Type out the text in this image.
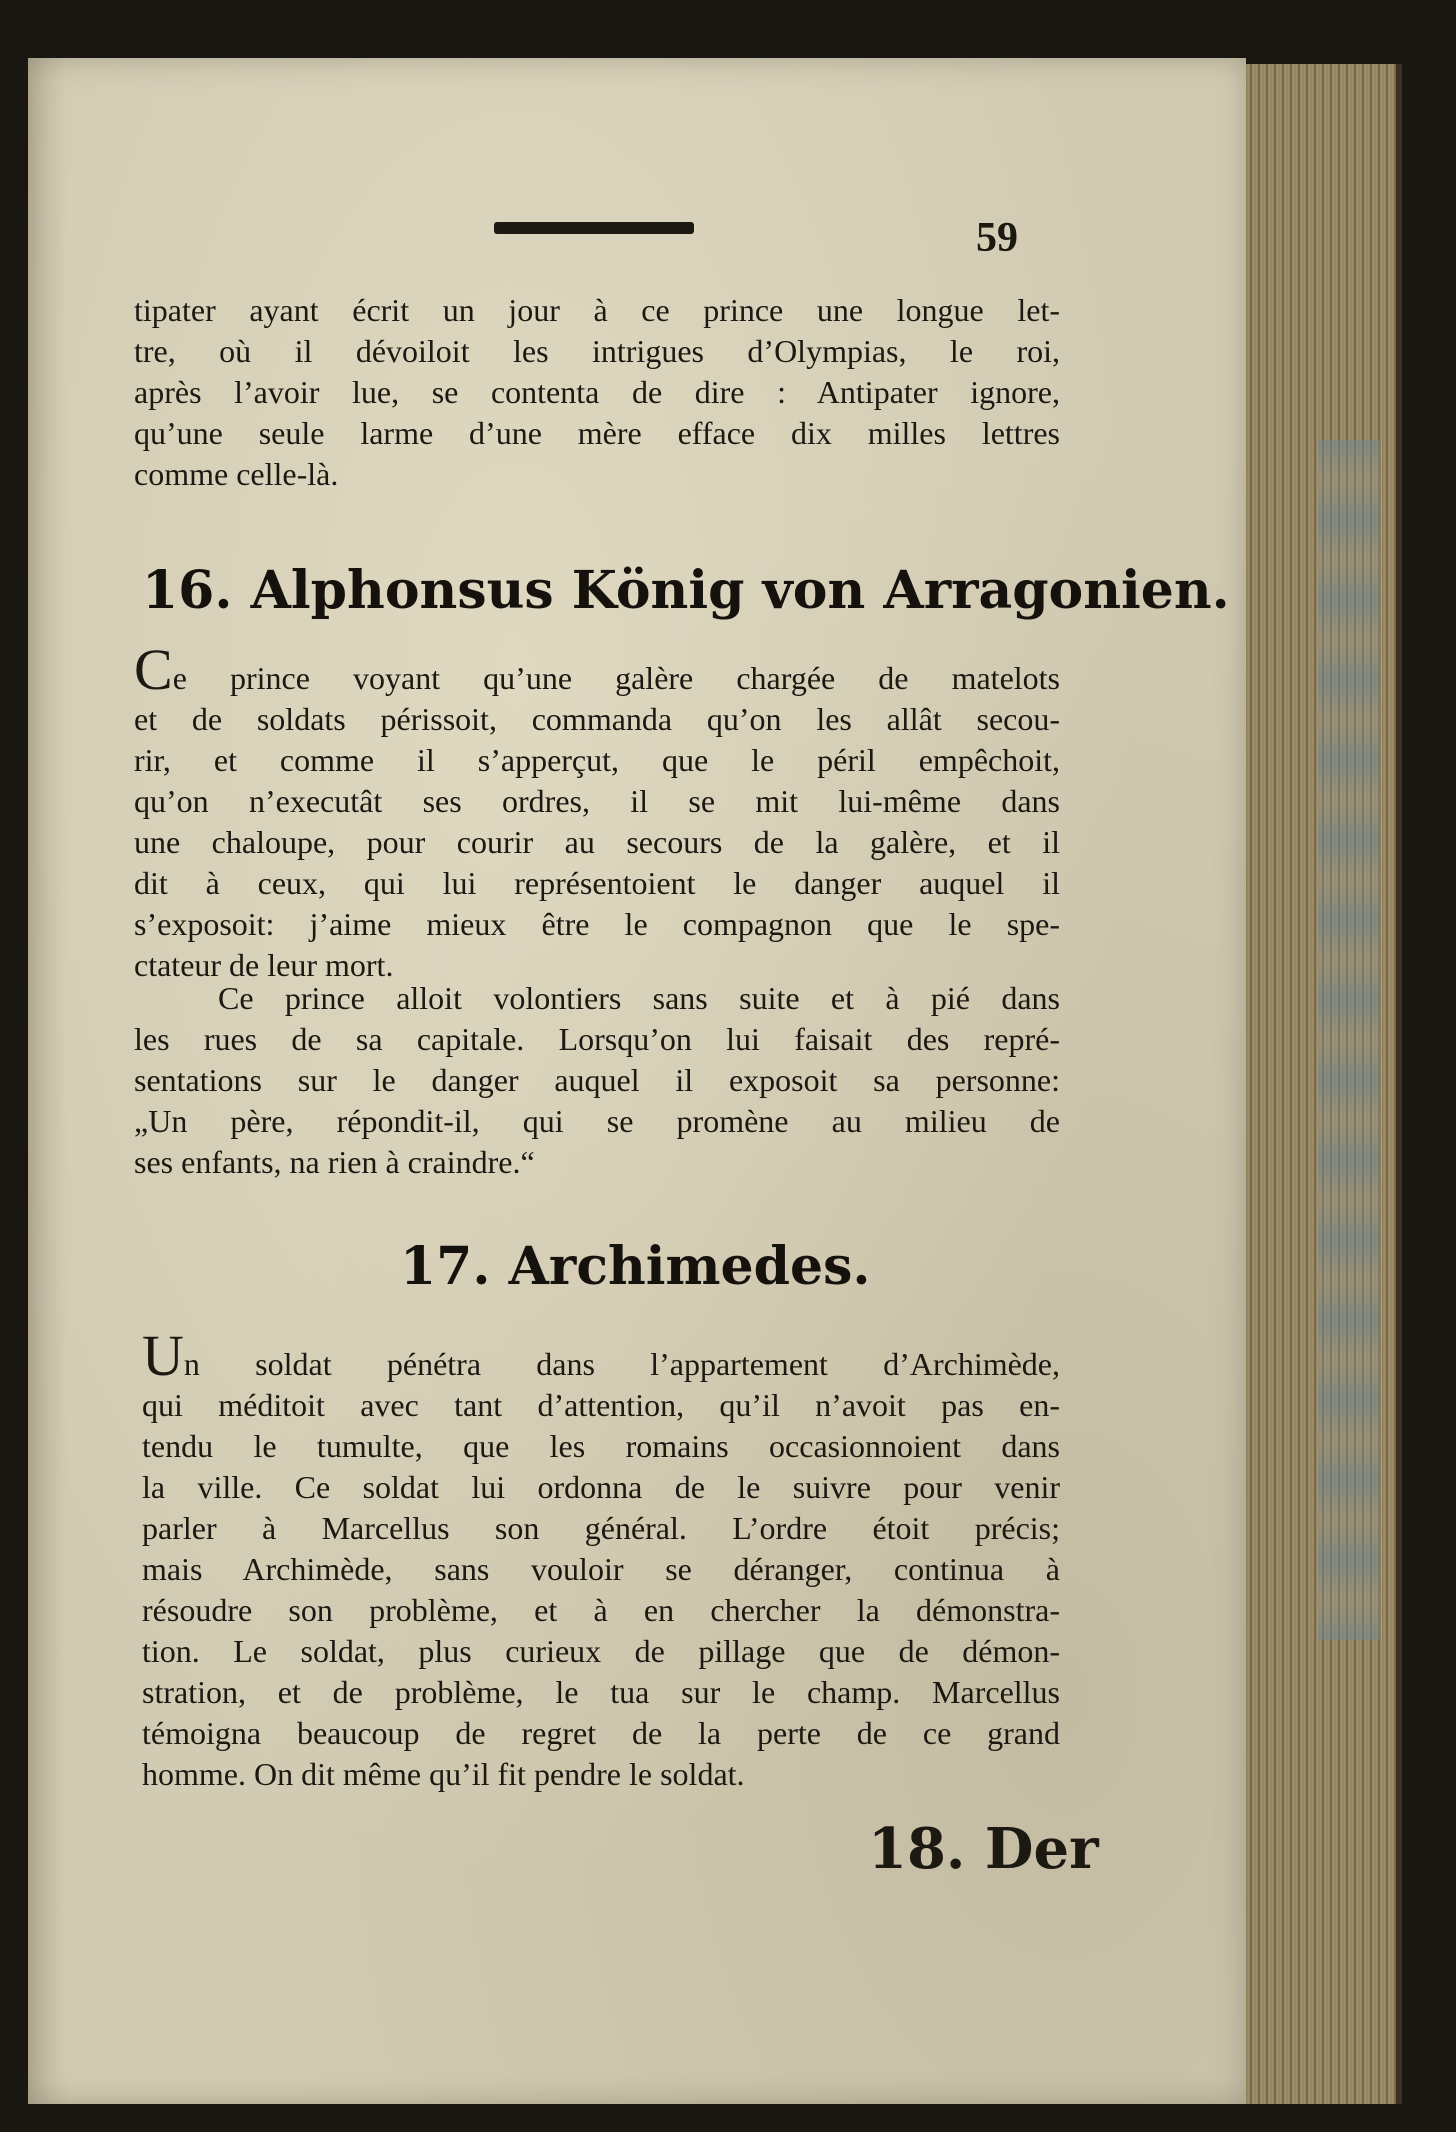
59
tipater ayant écrit un jour à ce prince une longue let-
tre, où il dévoiloit les intrigues d’Olympias, le roi,
après l’avoir lue, se contenta de dire : Antipater ignore,
qu’une seule larme d’une mère efface dix milles lettres
comme celle-là.
16. Alphonsus König von Arragonien.
Ce prince voyant qu’une galère chargée de matelots
et de soldats périssoit, commanda qu’on les allât secou-
rir, et comme il s’apperçut, que le péril empêchoit,
qu’on n’executât ses ordres, il se mit lui-même dans
une chaloupe, pour courir au secours de la galère, et il
dit à ceux, qui lui représentoient le danger auquel il
s’exposoit: j’aime mieux être le compagnon que le spe-
ctateur de leur mort.
Ce prince alloit volontiers sans suite et à pié dans
les rues de sa capitale. Lorsqu’on lui faisait des repré-
sentations sur le danger auquel il exposoit sa personne:
„Un père, répondit-il, qui se promène au milieu de
ses enfants, na rien à craindre.“
17. Archimedes.
Un soldat pénétra dans l’appartement d’Archimède,
qui méditoit avec tant d’attention, qu’il n’avoit pas en-
tendu le tumulte, que les romains occasionnoient dans
la ville. Ce soldat lui ordonna de le suivre pour venir
parler à Marcellus son général. L’ordre étoit précis;
mais Archimède, sans vouloir se déranger, continua à
résoudre son problème, et à en chercher la démonstra-
tion. Le soldat, plus curieux de pillage que de démon-
stration, et de problème, le tua sur le champ. Marcellus
témoigna beaucoup de regret de la perte de ce grand
homme. On dit même qu’il fit pendre le soldat.
18. Der
